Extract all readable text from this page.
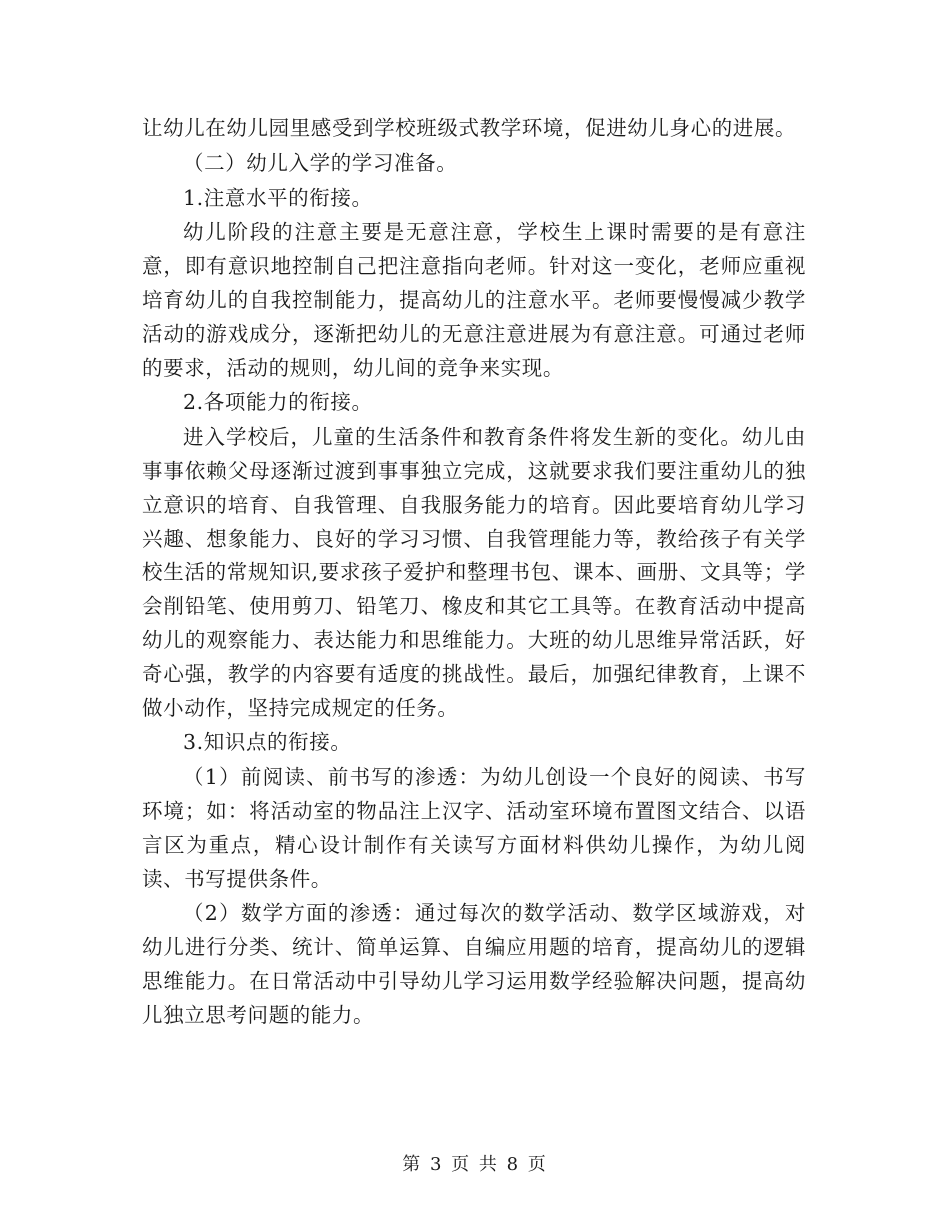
让幼儿在幼儿园里感受到学校班级式教学环境，促进幼儿身心的进展。

（二）幼儿入学的学习准备。

1.注意水平的衔接。

幼儿阶段的注意主要是无意注意，学校生上课时需要的是有意注意，即有意识地控制自己把注意指向老师。针对这一变化，老师应重视培育幼儿的自我控制能力，提高幼儿的注意水平。老师要慢慢减少教学活动的游戏成分，逐渐把幼儿的无意注意进展为有意注意。可通过老师的要求，活动的规则，幼儿间的竞争来实现。

2.各项能力的衔接。

进入学校后，儿童的生活条件和教育条件将发生新的变化。幼儿由事事依赖父母逐渐过渡到事事独立完成，这就要求我们要注重幼儿的独立意识的培育、自我管理、自我服务能力的培育。因此要培育幼儿学习兴趣、想象能力、良好的学习习惯、自我管理能力等，教给孩子有关学校生活的常规知识,要求孩子爱护和整理书包、课本、画册、文具等；学会削铅笔、使用剪刀、铅笔刀、橡皮和其它工具等。在教育活动中提高幼儿的观察能力、表达能力和思维能力。大班的幼儿思维异常活跃，好奇心强，教学的内容要有适度的挑战性。最后，加强纪律教育，上课不做小动作，坚持完成规定的任务。

3.知识点的衔接。

（1）前阅读、前书写的渗透：为幼儿创设一个良好的阅读、书写环境；如：将活动室的物品注上汉字、活动室环境布置图文结合、以语言区为重点，精心设计制作有关读写方面材料供幼儿操作，为幼儿阅读、书写提供条件。

（2）数学方面的渗透：通过每次的数学活动、数学区域游戏，对幼儿进行分类、统计、简单运算、自编应用题的培育，提高幼儿的逻辑思维能力。在日常活动中引导幼儿学习运用数学经验解决问题，提高幼儿独立思考问题的能力。

第 3 页 共 8 页
